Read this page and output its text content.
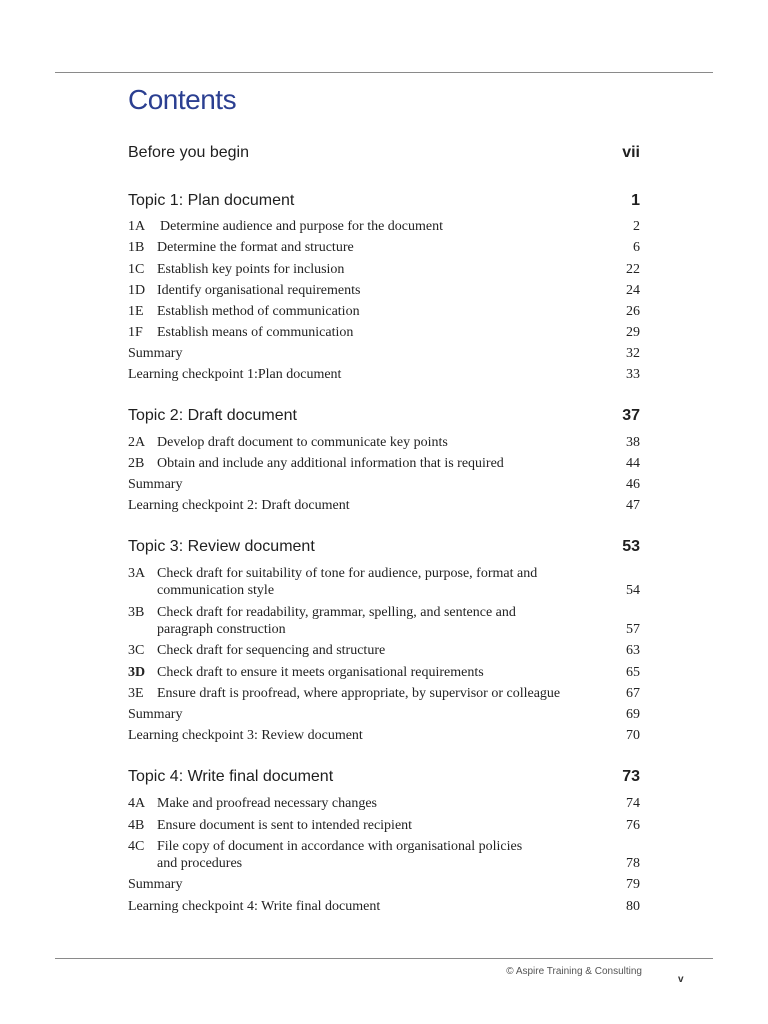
Contents
Before you begin	vii
Topic 1: Plan document	1
1A	Determine audience and purpose for the document	2
1B Determine the format and structure	6
1C Establish key points for inclusion	22
1D Identify organisational requirements	24
1E Establish method of communication	26
1F	Establish means of communication	29
Summary	32
Learning checkpoint 1:Plan document	33
Topic 2: Draft document	37
2A Develop draft document to communicate key points	38
2B Obtain and include any additional information that is required	44
Summary	46
Learning checkpoint 2: Draft document	47
Topic 3: Review document	53
3A Check draft for suitability of tone for audience, purpose, format and
communication style	54
3B Check draft for readability, grammar, spelling, and sentence and
paragraph construction	57
3C Check draft for sequencing and structure	63
3D Check draft to ensure it meets organisational requirements	65
3E Ensure draft is proofread, where appropriate, by supervisor or colleague	67
Summary	69
Learning checkpoint 3: Review document	70
Topic 4: Write final document	73
4A Make and proofread necessary changes	74
4B Ensure document is sent to intended recipient	76
4C File copy of document in accordance with organisational policies
and procedures	78
Summary	79
Learning checkpoint 4: Write final document	80
© Aspire Training & Consulting
v
